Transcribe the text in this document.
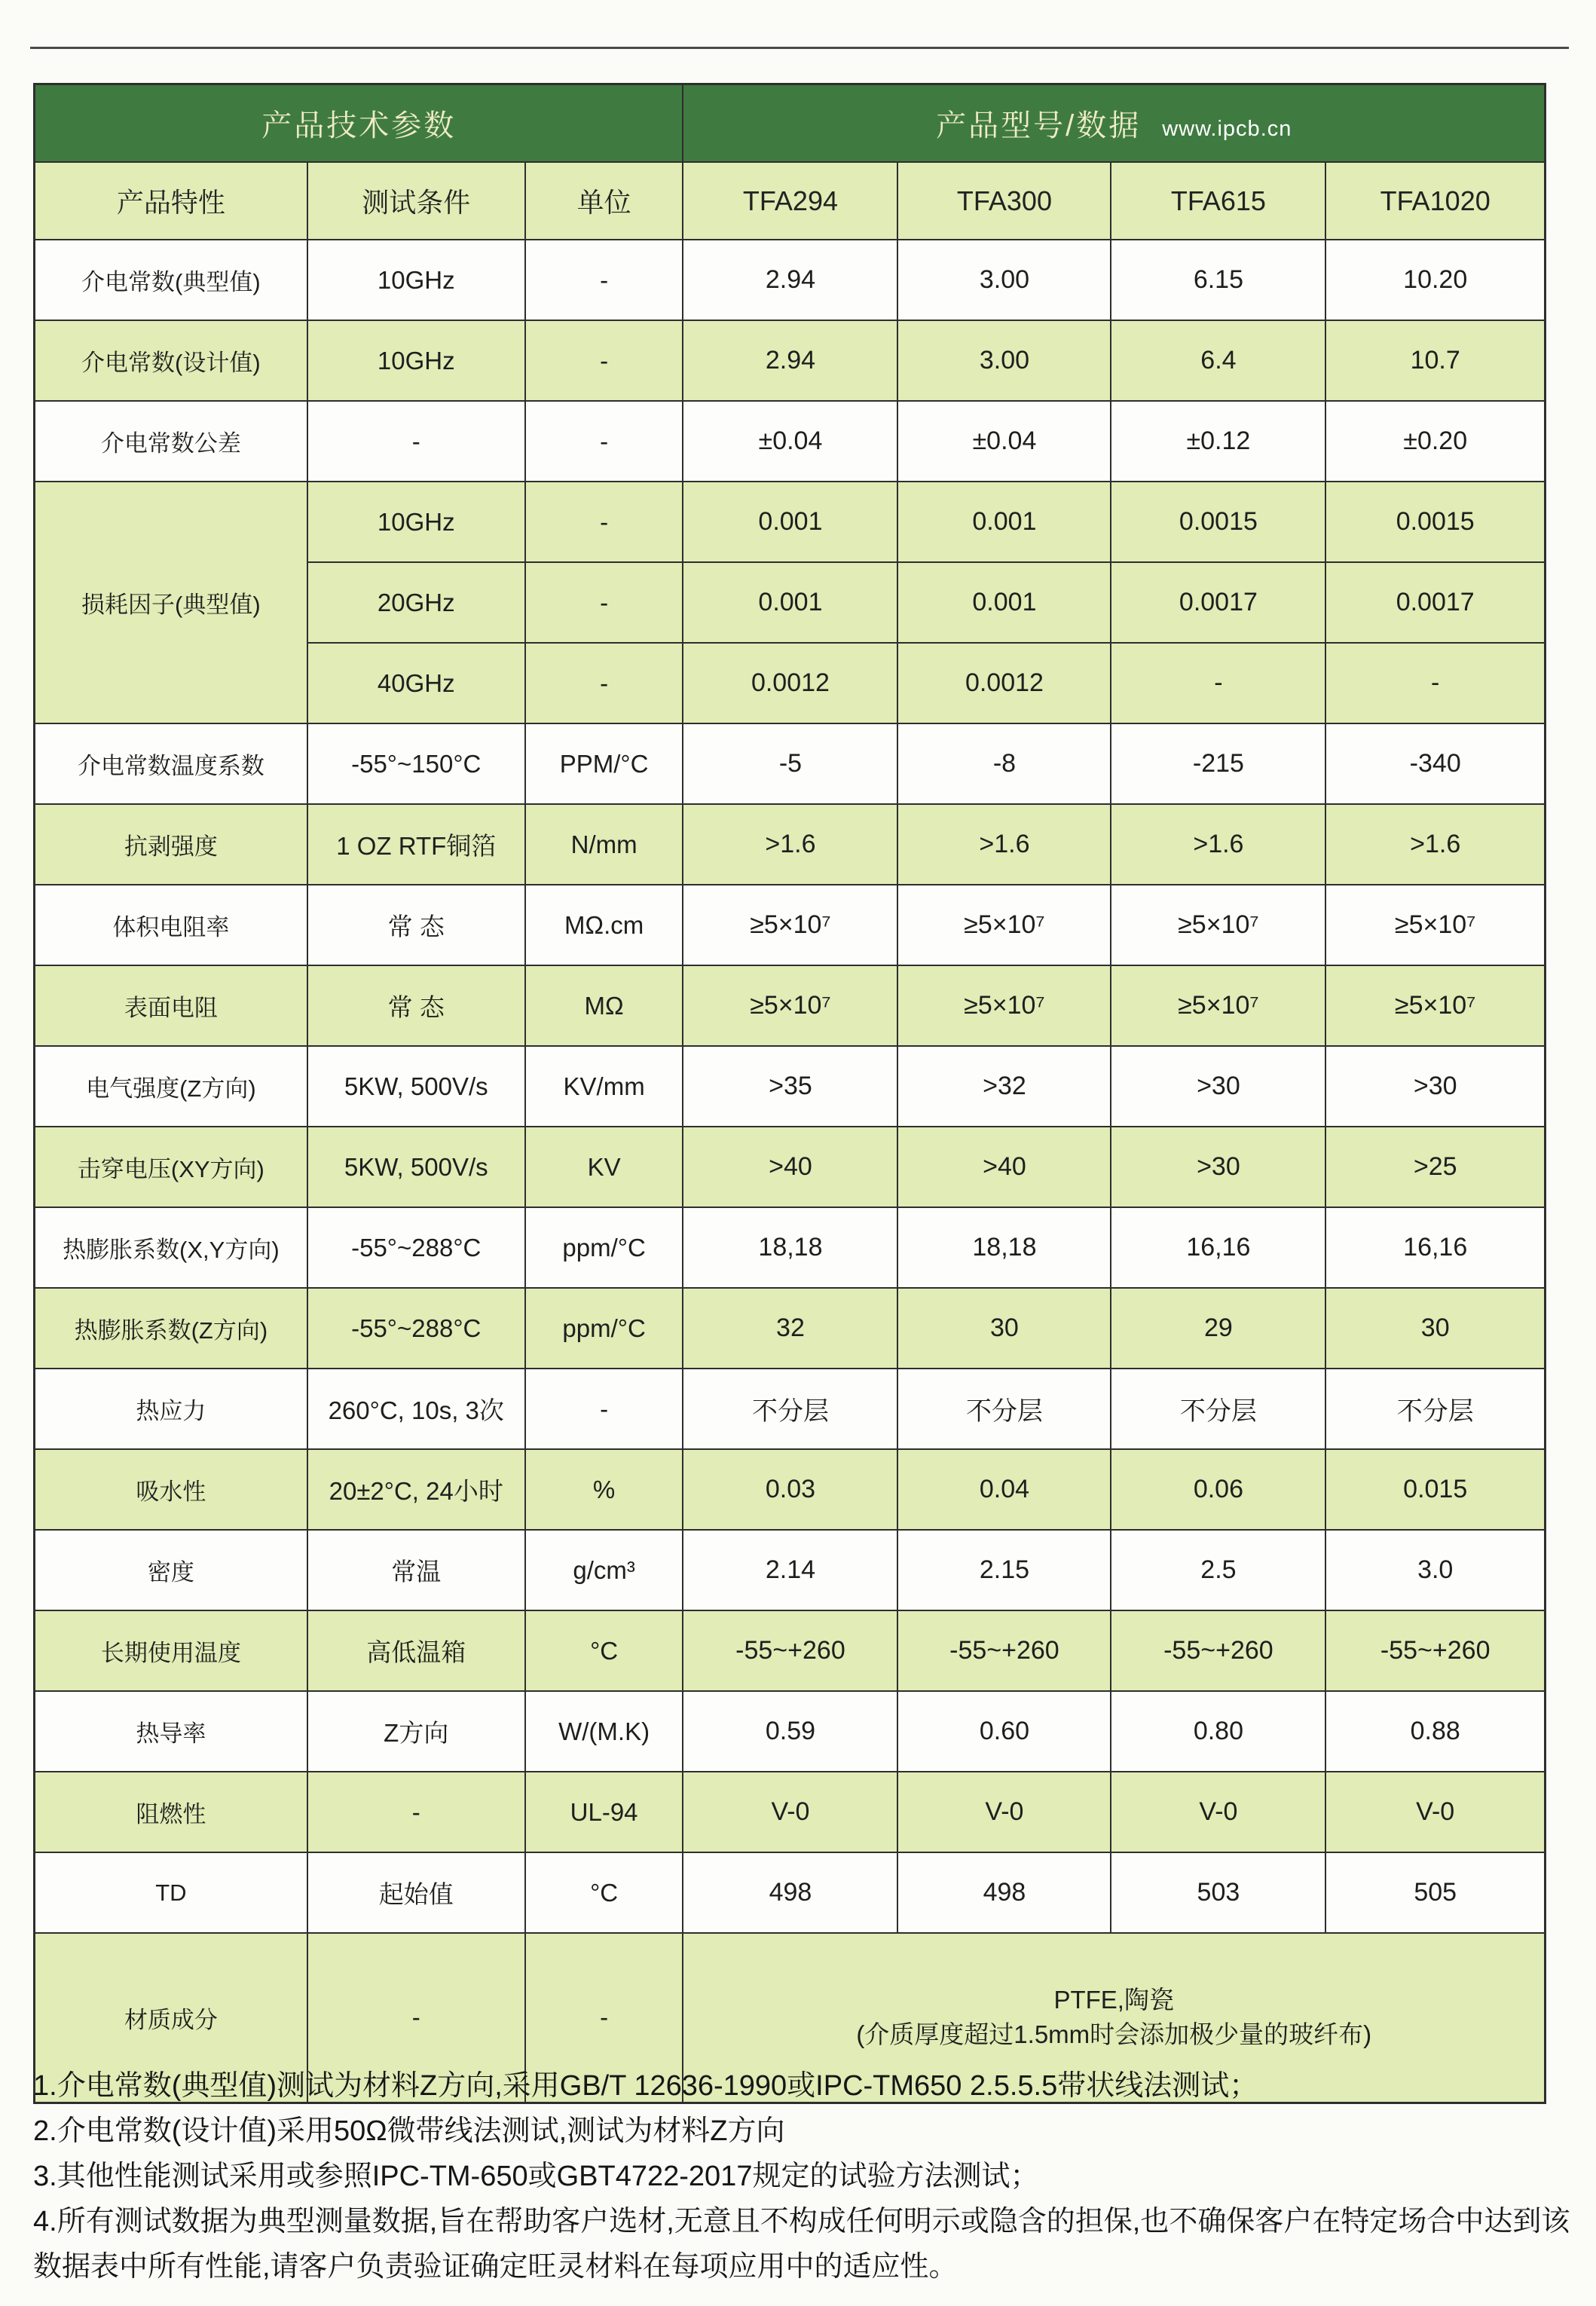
产品技术参数			产品型号/数据 www.ipcb.cn			
产品特性	测试条件	单位	TFA294	TFA300	TFA615	TFA1020
介电常数(典型值)	10GHz	-	2.94	3.00	6.15	10.20
介电常数(设计值)	10GHz	-	2.94	3.00	6.4	10.7
介电常数公差	-	-	±0.04	±0.04	±0.12	±0.20
损耗因子(典型值)	10GHz	-	0.001	0.001	0.0015	0.0015
	20GHz	-	0.001	0.001	0.0017	0.0017
	40GHz	-	0.0012	0.0012	-	-
介电常数温度系数	-55°~150°C	PPM/°C	-5	-8	-215	-340
抗剥强度	1 OZ RTF铜箔	N/mm	>1.6	>1.6	>1.6	>1.6
体积电阻率	常 态	MΩ.cm	≥5×10⁷	≥5×10⁷	≥5×10⁷	≥5×10⁷
表面电阻	常 态	MΩ	≥5×10⁷	≥5×10⁷	≥5×10⁷	≥5×10⁷
电气强度(Z方向)	5KW, 500V/s	KV/mm	>35	>32	>30	>30
击穿电压(XY方向)	5KW, 500V/s	KV	>40	>40	>30	>25
热膨胀系数(X,Y方向)	-55°~288°C	ppm/°C	18,18	18,18	16,16	16,16
热膨胀系数(Z方向)	-55°~288°C	ppm/°C	32	30	29	30
热应力	260°C, 10s, 3次	-	不分层	不分层	不分层	不分层
吸水性	20±2°C, 24小时	%	0.03	0.04	0.06	0.015
密度	常温	g/cm³	2.14	2.15	2.5	3.0
长期使用温度	高低温箱	°C	-55~+260	-55~+260	-55~+260	-55~+260
热导率	Z方向	W/(M.K)	0.59	0.60	0.80	0.88
阻燃性	-	UL-94	V-0	V-0	V-0	V-0
TD	起始值	°C	498	498	503	505
材质成分	-	-	PTFE,陶瓷
(介质厚度超过1.5mm时会添加极少量的玻纤布)			
1.介电常数(典型值)测试为材料Z方向,采用GB/T 12636-1990或IPC-TM650 2.5.5.5带状线法测试；
2.介电常数(设计值)采用50Ω微带线法测试,测试为材料Z方向
3.其他性能测试采用或参照IPC-TM-650或GBT4722-2017规定的试验方法测试；
4.所有测试数据为典型测量数据,旨在帮助客户选材,无意且不构成任何明示或隐含的担保,也不确保客户在特定场合中达到该数据表中所有性能,请客户负责验证确定旺灵材料在每项应用中的适应性。
